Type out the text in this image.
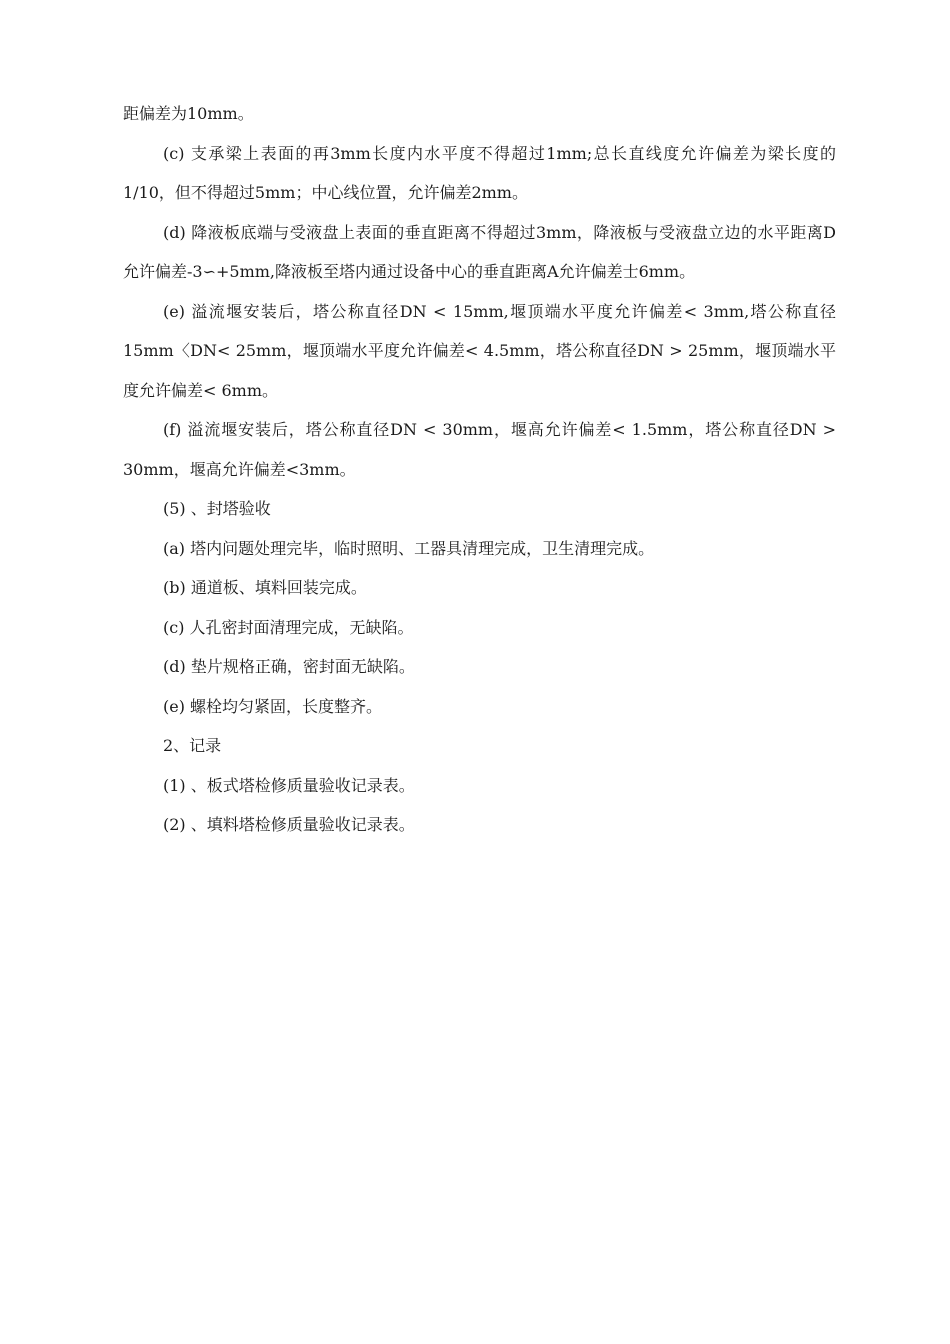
距偏差为10mm。

(c) 支承梁上表面的再3mm长度内水平度不得超过1mm;总长直线度允许偏差为梁长度的1/10，但不得超过5mm；中心线位置，允许偏差2mm。

(d) 降液板底端与受液盘上表面的垂直距离不得超过3mm，降液板与受液盘立边的水平距离D允许偏差-3∽+5mm,降液板至塔内通过设备中心的垂直距离A允许偏差士6mm。

(e) 溢流堰安装后，塔公称直径DN < 15mm,堰顶端水平度允许偏差< 3mm,塔公称直径15mm〈DN< 25mm，堰顶端水平度允许偏差< 4.5mm，塔公称直径DN > 25mm，堰顶端水平度允许偏差< 6mm。

(f) 溢流堰安装后，塔公称直径DN < 30mm，堰高允许偏差< 1.5mm，塔公称直径DN > 30mm，堰高允许偏差<3mm。

(5) 、封塔验收

(a) 塔内问题处理完毕，临时照明、工器具清理完成，卫生清理完成。

(b) 通道板、填料回装完成。

(c) 人孔密封面清理完成，无缺陷。

(d) 垫片规格正确，密封面无缺陷。

(e) 螺栓均匀紧固，长度整齐。

2、记录

(1) 、板式塔检修质量验收记录表。

(2) 、填料塔检修质量验收记录表。
